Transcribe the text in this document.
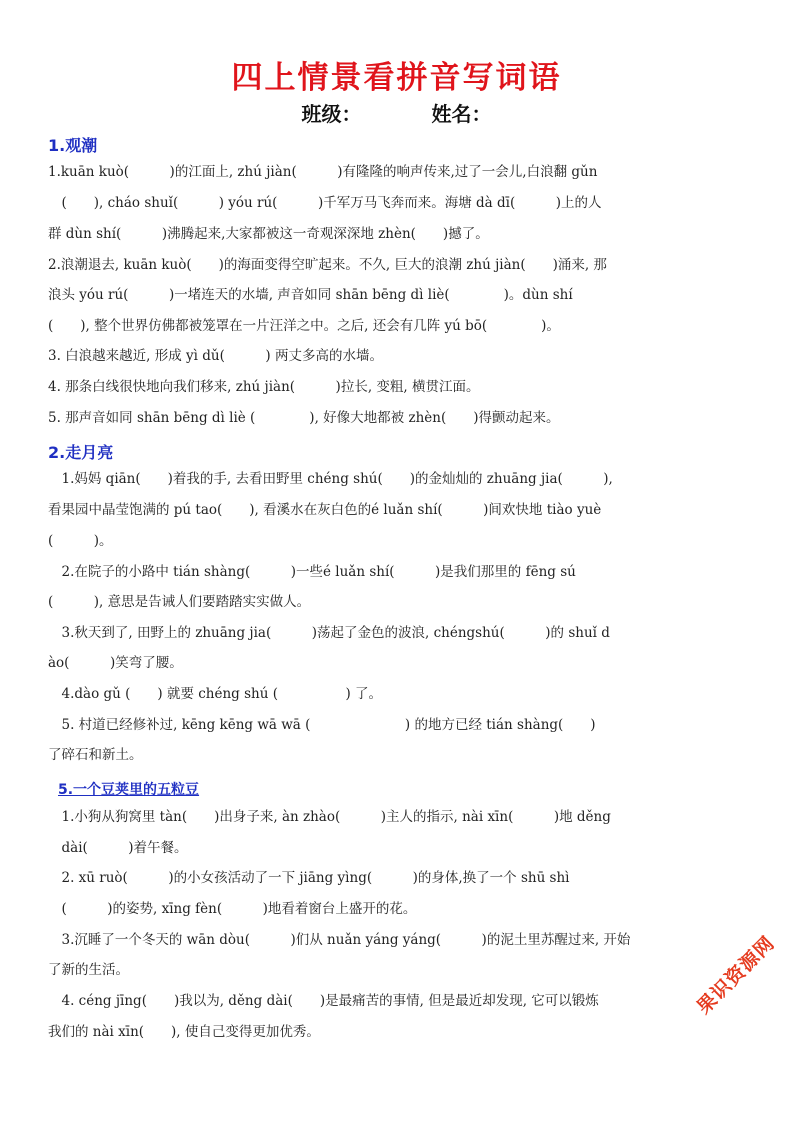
四上情景看拼音写词语
班级：	姓名：
1.观潮
1.kuān kuò(　　　)的江面上, zhú jiàn(　　　)有隆隆的响声传来,过了一会儿,白浪翻 gǔn
　(　　), cháo shuǐ(　　　) yóu rú(　　　)千军万马飞奔而来。海塘 dà dī(　　　)上的人
群 dùn shí(　　　)沸腾起来,大家都被这一奇观深深地 zhèn(　　)撼了。
2.浪潮退去, kuān kuò(　　)的海面变得空旷起来。不久, 巨大的浪潮 zhú jiàn(　　)涌来, 那
浪头 yóu rú(　　　)一堵连天的水墙, 声音如同 shān bēng dì liè(　　　　)。dùn shí
(　　), 整个世界仿佛都被笼罩在一片汪洋之中。之后, 还会有几阵 yú bō(　　　　)。
3. 白浪越来越近, 形成 yì dǔ(　　　) 两丈多高的水墙。
4. 那条白线很快地向我们移来, zhú jiàn(　　　)拉长, 变粗, 横贯江面。
5. 那声音如同 shān bēng dì liè (　　　　), 好像大地都被 zhèn(　　)得颤动起来。
2.走月亮
　1.妈妈 qiān(　　)着我的手, 去看田野里 chéng shú(　　)的金灿灿的 zhuāng jia(　　　),
看果园中晶莹饱满的 pú tao(　　), 看溪水在灰白色的é luǎn shí(　　　)间欢快地 tiào yuè
(　　　)。
　2.在院子的小路中 tián shàng(　　　)一些é luǎn shí(　　　)是我们那里的 fēng sú
(　　　), 意思是告诫人们要踏踏实实做人。
　3.秋天到了, 田野上的 zhuāng jia(　　　)荡起了金色的波浪, chéngshú(　　　)的 shuǐ d
ào(　　　)笑弯了腰。
　4.dào gǔ (　　) 就要 chéng shú (　　　　　) 了。
　5. 村道已经修补过, kēng kēng wā wā (　　　　　　　) 的地方已经 tián shàng(　　)
了碎石和新土。
5.一个豆荚里的五粒豆
　1.小狗从狗窝里 tàn(　　)出身子来, àn zhào(　　　)主人的指示, nài xīn(　　　)地 děng
　dài(　　　)着午餐。
　2. xū ruò(　　　)的小女孩活动了一下 jiāng yìng(　　　)的身体,换了一个 shū shì
　(　　　)的姿势, xīng fèn(　　　)地看着窗台上盛开的花。
　3.沉睡了一个冬天的 wān dòu(　　　)们从 nuǎn yáng yáng(　　　)的泥土里苏醒过来, 开始
了新的生活。
　4. céng jīng(　　)我以为, děng dài(　　)是最痛苦的事情, 但是最近却发现, 它可以锻炼
我们的 nài xīn(　　), 使自己变得更加优秀。
果识资源网
